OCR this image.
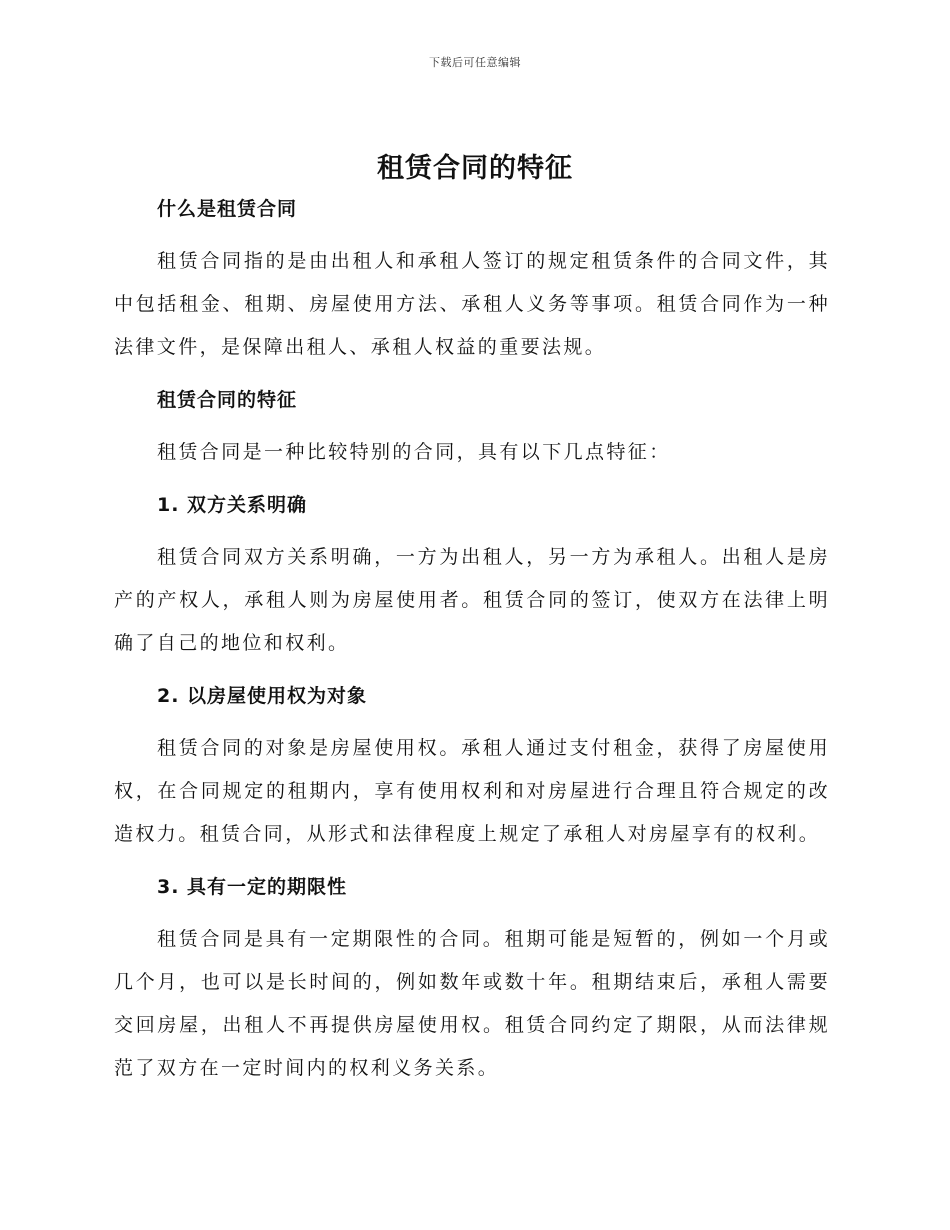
下载后可任意编辑
租赁合同的特征
什么是租赁合同

租赁合同指的是由出租人和承租人签订的规定租赁条件的合同文件，其中包括租金、租期、房屋使用方法、承租人义务等事项。租赁合同作为一种法律文件，是保障出租人、承租人权益的重要法规。

租赁合同的特征

租赁合同是一种比较特别的合同，具有以下几点特征：

1. 双方关系明确

租赁合同双方关系明确，一方为出租人，另一方为承租人。出租人是房产的产权人，承租人则为房屋使用者。租赁合同的签订，使双方在法律上明确了自己的地位和权利。

2. 以房屋使用权为对象

租赁合同的对象是房屋使用权。承租人通过支付租金，获得了房屋使用权，在合同规定的租期内，享有使用权利和对房屋进行合理且符合规定的改造权力。租赁合同，从形式和法律程度上规定了承租人对房屋享有的权利。

3. 具有一定的期限性

租赁合同是具有一定期限性的合同。租期可能是短暂的，例如一个月或几个月，也可以是长时间的，例如数年或数十年。租期结束后，承租人需要交回房屋，出租人不再提供房屋使用权。租赁合同约定了期限，从而法律规范了双方在一定时间内的权利义务关系。
